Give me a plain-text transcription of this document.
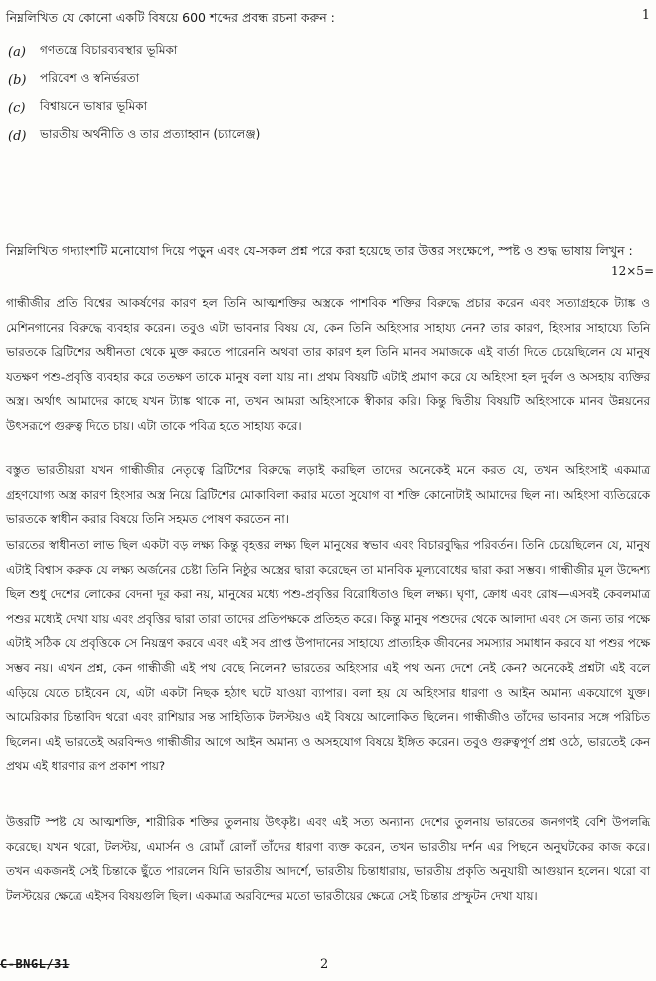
1
নিম্নলিখিত যে কোনো একটি বিষয়ে 600 শব্দের প্রবন্ধ রচনা করুন :
(a)	গণতন্ত্রে বিচারব্যবস্থার ভূমিকা
(b)	পরিবেশ ও স্বনির্ভরতা
(c)	বিশ্বায়নে ভাষার ভূমিকা
(d)	ভারতীয় অর্থনীতি ও তার প্রত্যাহ্বান (চ্যালেঞ্জ)
নিম্নলিখিত গদ্যাংশটি মনোযোগ দিয়ে পড়ুন এবং যে-সকল প্রশ্ন পরে করা হয়েছে তার উত্তর সংক্ষেপে, স্পষ্ট ও শুদ্ধ ভাষায় লিখুন :
12×5=
গান্ধীজীর প্রতি বিশ্বের আকর্ষণের কারণ হল তিনি আত্মশক্তির অস্ত্রকে পাশবিক শক্তির বিরুদ্ধে প্রচার করেন এবং সত্যাগ্রহকে ট্যাঙ্ক ও মেশিনগানের বিরুদ্ধে ব্যবহার করেন। তবুও এটা ভাবনার বিষয় যে, কেন তিনি অহিংসার সাহায্য নেন? তার কারণ, হিংসার সাহায্যে তিনি ভারতকে ব্রিটিশের অধীনতা থেকে মুক্ত করতে পারেননি অথবা তার কারণ হল তিনি মানব সমাজকে এই বার্তা দিতে চেয়েছিলেন যে মানুষ যতক্ষণ পশু-প্রবৃত্তি ব্যবহার করে ততক্ষণ তাকে মানুষ বলা যায় না। প্রথম বিষয়টি এটাই প্রমাণ করে যে অহিংসা হল দুর্বল ও অসহায় ব্যক্তির অস্ত্র। অর্থাৎ আমাদের কাছে যখন ট্যাঙ্ক থাকে না, তখন আমরা অহিংসাকে স্বীকার করি। কিন্তু দ্বিতীয় বিষয়টি অহিংসাকে মানব উন্নয়নের উৎসরূপে গুরুত্ব দিতে চায়। এটা তাকে পবিত্র হতে সাহায্য করে।
বস্তুত ভারতীয়রা যখন গান্ধীজীর নেতৃত্বে ব্রিটিশের বিরুদ্ধে লড়াই করছিল তাদের অনেকেই মনে করত যে, তখন অহিংসাই একমাত্র গ্রহণযোগ্য অস্ত্র কারণ হিংসার অস্ত্র নিয়ে ব্রিটিশের মোকাবিলা করার মতো সুযোগ বা শক্তি কোনোটাই আমাদের ছিল না। অহিংসা ব্যতিরেকে ভারতকে স্বাধীন করার বিষয়ে তিনি সহমত পোষণ করতেন না।
ভারতের স্বাধীনতা লাভ ছিল একটা বড় লক্ষ্য কিন্তু বৃহত্তর লক্ষ্য ছিল মানুষের স্বভাব এবং বিচারবুদ্ধির পরিবর্তন। তিনি চেয়েছিলেন যে, মানুষ এটাই বিশ্বাস করুক যে লক্ষ্য অর্জনের চেষ্টা তিনি নিষ্ঠুর অস্ত্রের দ্বারা করেছেন তা মানবিক মূল্যবোধের দ্বারা করা সম্ভব। গান্ধীজীর মূল উদ্দেশ্য ছিল শুধু দেশের লোকের বেদনা দূর করা নয়, মানুষের মধ্যে পশু-প্রবৃত্তির বিরোধিতাও ছিল লক্ষ্য। ঘৃণা, ক্রোধ এবং রোষ—এসবই কেবলমাত্র পশুর মধ্যেই দেখা যায় এবং প্রবৃত্তির দ্বারা তারা তাদের প্রতিপক্ষকে প্রতিহত করে। কিন্তু মানুষ পশুদের থেকে আলাদা এবং সে জন্য তার পক্ষে এটাই সঠিক যে প্রবৃত্তিকে সে নিয়ন্ত্রণ করবে এবং এই সব প্রাপ্ত উপাদানের সাহায্যে প্রাত্যহিক জীবনের সমস্যার সমাধান করবে যা পশুর পক্ষে সম্ভব নয়। এখন প্রশ্ন, কেন গান্ধীজী এই পথ বেছে নিলেন? ভারতের অহিংসার এই পথ অন্য দেশে নেই কেন? অনেকেই প্রশ্নটা এই বলে এড়িয়ে যেতে চাইবেন যে, এটা একটা নিছক হঠাৎ ঘটে যাওয়া ব্যাপার। বলা হয় যে অহিংসার ধারণা ও আইন অমান্য একযোগে যুক্ত। আমেরিকার চিন্তাবিদ থরো এবং রাশিয়ার সন্ত সাহিত্যিক টলস্টয়ও এই বিষয়ে আলোকিত ছিলেন। গান্ধীজীও তাঁদের ভাবনার সঙ্গে পরিচিত ছিলেন। এই ভারতেই অরবিন্দও গান্ধীজীর আগে আইন অমান্য ও অসহযোগ বিষয়ে ইঙ্গিত করেন। তবুও গুরুত্বপূর্ণ প্রশ্ন ওঠে, ভারতেই কেন প্রথম এই ধারণার রূপ প্রকাশ পায়?
উত্তরটি স্পষ্ট যে আত্মশক্তি, শারীরিক শক্তির তুলনায় উৎকৃষ্ট। এবং এই সত্য অন্যান্য দেশের তুলনায় ভারতের জনগণই বেশি উপলব্ধি করেছে। যখন থরো, টলস্টয়, এমার্সন ও রোমাঁ রোলাঁ তাঁদের ধারণা ব্যক্ত করেন, তখন ভারতীয় দর্শন এর পিছনে অনুঘটকের কাজ করে। তখন একজনই সেই চিন্তাকে ছুঁতে পারলেন যিনি ভারতীয় আদর্শে, ভারতীয় চিন্তাধারায়, ভারতীয় প্রকৃতি অনুযায়ী আগুয়ান হলেন। থরো বা টলস্টয়ের ক্ষেত্রে এইসব বিষয়গুলি ছিল। একমাত্র অরবিন্দের মতো ভারতীয়ের ক্ষেত্রে সেই চিন্তার প্রস্ফুটন দেখা যায়।
C-BNGL/31	2
